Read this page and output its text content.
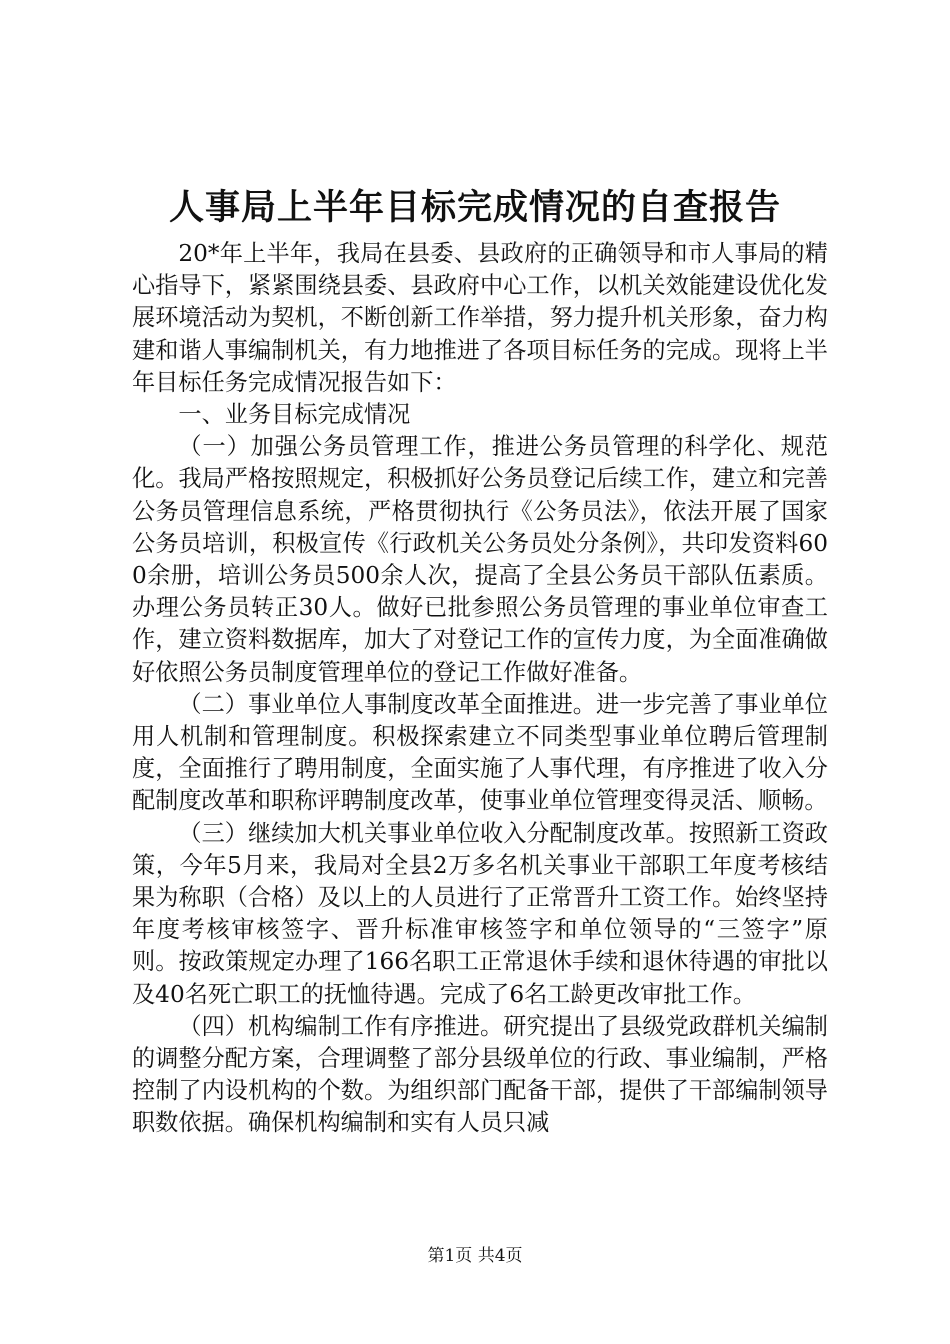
人事局上半年目标完成情况的自查报告

20*年上半年，我局在县委、县政府的正确领导和市人事局的精心指导下，紧紧围绕县委、县政府中心工作，以机关效能建设优化发展环境活动为契机，不断创新工作举措，努力提升机关形象，奋力构建和谐人事编制机关，有力地推进了各项目标任务的完成。现将上半年目标任务完成情况报告如下：

一、业务目标完成情况

（一）加强公务员管理工作，推进公务员管理的科学化、规范化。我局严格按照规定，积极抓好公务员登记后续工作，建立和完善公务员管理信息系统，严格贯彻执行《公务员法》，依法开展了国家公务员培训，积极宣传《行政机关公务员处分条例》，共印发资料600余册，培训公务员500余人次，提高了全县公务员干部队伍素质。办理公务员转正30人。做好已批参照公务员管理的事业单位审查工作，建立资料数据库，加大了对登记工作的宣传力度，为全面准确做好依照公务员制度管理单位的登记工作做好准备。

（二）事业单位人事制度改革全面推进。进一步完善了事业单位用人机制和管理制度。积极探索建立不同类型事业单位聘后管理制度，全面推行了聘用制度，全面实施了人事代理，有序推进了收入分配制度改革和职称评聘制度改革，使事业单位管理变得灵活、顺畅。

（三）继续加大机关事业单位收入分配制度改革。按照新工资政策，今年5月来，我局对全县2万多名机关事业干部职工年度考核结果为称职（合格）及以上的人员进行了正常晋升工资工作。始终坚持年度考核审核签字、晋升标准审核签字和单位领导的“三签字”原则。按政策规定办理了166名职工正常退休手续和退休待遇的审批以及40名死亡职工的抚恤待遇。完成了6名工龄更改审批工作。

（四）机构编制工作有序推进。研究提出了县级党政群机关编制的调整分配方案，合理调整了部分县级单位的行政、事业编制，严格控制了内设机构的个数。为组织部门配备干部，提供了干部编制领导职数依据。确保机构编制和实有人员只减

第1页 共4页
